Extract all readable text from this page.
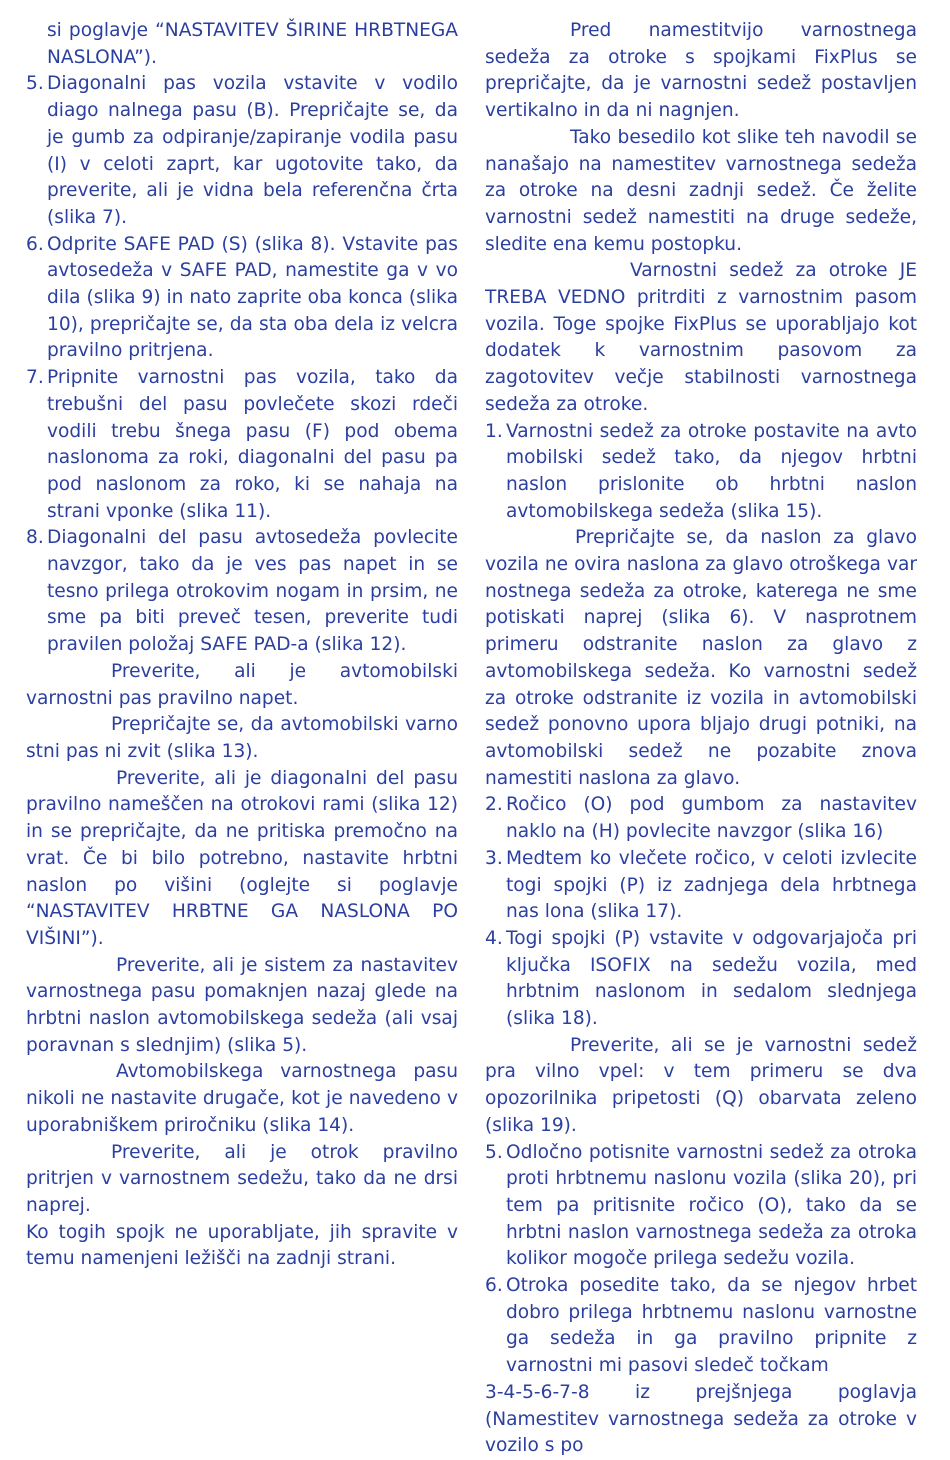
si poglavje “NASTAVITEV ŠIRINE HRBTNEGA NASLONA”).

5. Diagonalni pas vozila vstavite v vodilo diago nalnega pasu (B). Prepričajte se, da je gumb za odpiranje/zapiranje vodila pasu (I) v celoti zaprt, kar ugotovite tako, da preverite, ali je vidna bela referenčna črta (slika 7).
6. Odprite SAFE PAD (S) (slika 8). Vstavite pas avtosedeža v SAFE PAD, namestite ga v vo dila (slika 9) in nato zaprite oba konca (slika 10), prepričajte se, da sta oba dela iz velcra pravilno pritrjena.
7. Pripnite varnostni pas vozila, tako da trebušni del pasu povlečete skozi rdeči vodili trebu šnega pasu (F) pod obema naslonoma za roki, diagonalni del pasu pa pod naslonom za roko, ki se nahaja na strani vponke (slika 11).
8. Diagonalni del pasu avtosedeža povlecite navzgor, tako da je ves pas napet in se tesno prilega otrokovim nogam in prsim, ne sme pa biti preveč tesen, preverite tudi pravilen položaj SAFE PAD-a (slika 12).

Preverite, ali je avtomobilski varnostni pas pravilno napet.

Prepričajte se, da avtomobilski varno stni pas ni zvit (slika 13).

Preverite, ali je diagonalni del pasu pravilno nameščen na otrokovi rami (slika 12) in se prepričajte, da ne pritiska premočno na vrat. Če bi bilo potrebno, nastavite hrbtni naslon po višini (oglejte si poglavje “NASTAVITEV HRBTNE GA NASLONA PO VIŠINI”).

Preverite, ali je sistem za nastavitev varnostnega pasu pomaknjen nazaj glede na hrbtni naslon avtomobilskega sedeža (ali vsaj poravnan s slednjim) (slika 5).

Avtomobilskega varnostnega pasu nikoli ne nastavite drugače, kot je navedeno v uporabniškem priročniku (slika 14).

Preverite, ali je otrok pravilno pritrjen v varnostnem sedežu, tako da ne drsi naprej.

Ko togih spojk ne uporabljate, jih spravite v temu namenjeni ležišči na zadnji strani.

Pred namestitvijo varnostnega sedeža za otroke s spojkami FixPlus se prepričajte, da je varnostni sedež postavljen vertikalno in da ni nagnjen.

Tako besedilo kot slike teh navodil se nanašajo na namestitev varnostnega sedeža za otroke na desni zadnji sedež. Če želite varnostni sedež namestiti na druge sedeže, sledite ena kemu postopku.

Varnostni sedež za otroke JE TREBA VEDNO pritrditi z varnostnim pasom vozila. Toge spojke FixPlus se uporabljajo kot dodatek k varnostnim pasovom za zagotovitev večje stabilnosti varnostnega sedeža za otroke.

1. Varnostni sedež za otroke postavite na avto mobilski sedež tako, da njegov hrbtni naslon prislonite ob hrbtni naslon avtomobilskega sedeža (slika 15).

Prepričajte se, da naslon za glavo vozila ne ovira naslona za glavo otroškega var nostnega sedeža za otroke, katerega ne sme potiskati naprej (slika 6). V nasprotnem primeru odstranite naslon za glavo z avtomobilskega sedeža. Ko varnostni sedež za otroke odstranite iz vozila in avtomobilski sedež ponovno upora bljajo drugi potniki, na avtomobilski sedež ne pozabite znova namestiti naslona za glavo.

2. Ročico (O) pod gumbom za nastavitev naklo na (H) povlecite navzgor (slika 16)
3. Medtem ko vlečete ročico, v celoti izvlecite togi spojki (P) iz zadnjega dela hrbtnega nas lona (slika 17).
4. Togi spojki (P) vstavite v odgovarjajoča pri ključka ISOFIX na sedežu vozila, med hrbtnim naslonom in sedalom slednjega (slika 18).

Preverite, ali se je varnostni sedež pra vilno vpel: v tem primeru se dva opozorilnika pripetosti (Q) obarvata zeleno (slika 19).

5. Odločno potisnite varnostni sedež za otroka proti hrbtnemu naslonu vozila (slika 20), pri tem pa pritisnite ročico (O), tako da se hrbtni naslon varnostnega sedeža za otroka kolikor mogoče prilega sedežu vozila.
6. Otroka posedite tako, da se njegov hrbet dobro prilega hrbtnemu naslonu varnostne ga sedeža in ga pravilno pripnite z varnostni mi pasovi sledeč točkam

3-4-5-6-7-8 iz prejšnjega poglavja (Namestitev varnostnega sedeža za otroke v vozilo s po
